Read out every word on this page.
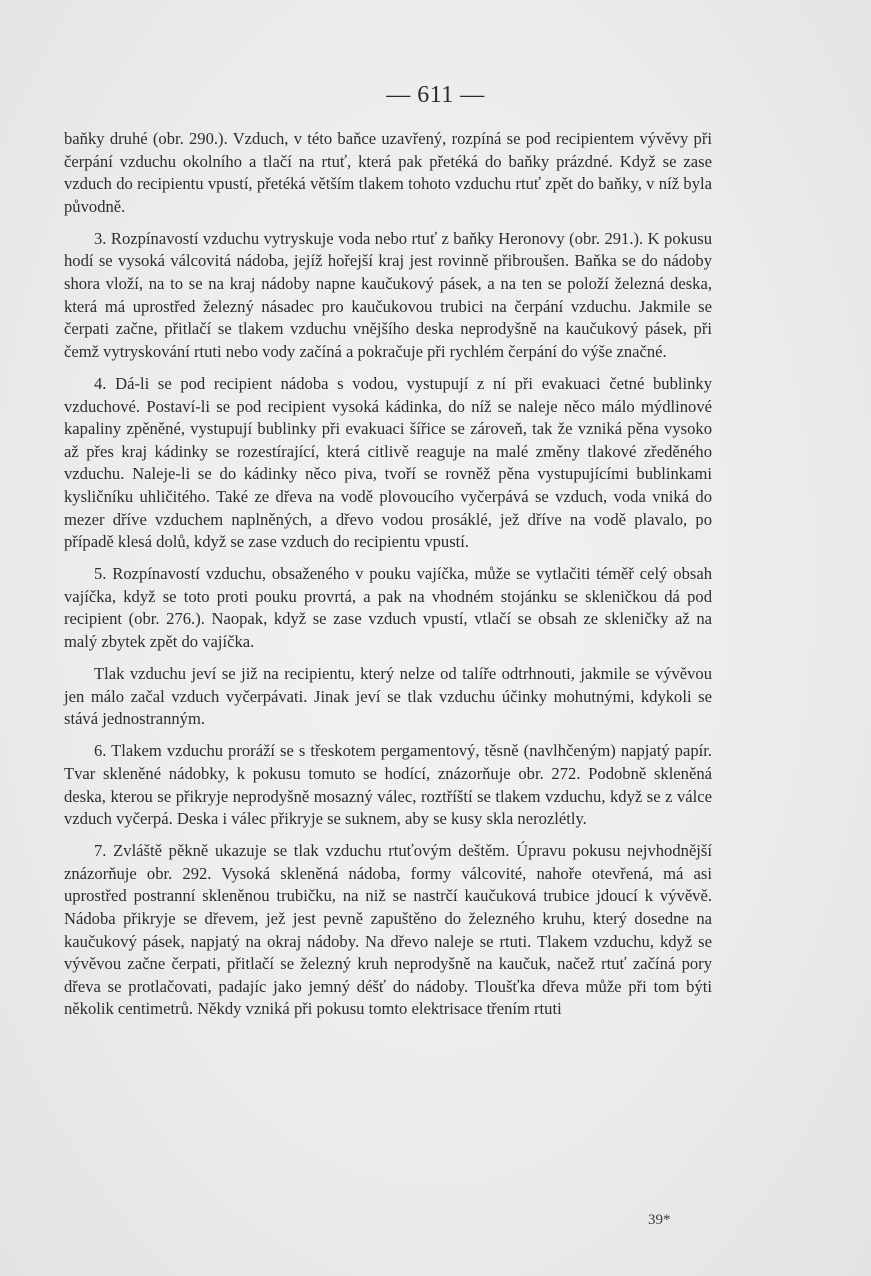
— 611 —

baňky druhé (obr. 290.). Vzduch, v této baňce uzavřený, rozpíná se pod recipientem vývěvy při čerpání vzduchu okolního a tlačí na rtuť, která pak přetéká do baňky prázdné. Když se zase vzduch do recipientu vpustí, přetéká větším tlakem tohoto vzduchu rtuť zpět do baňky, v níž byla původně.

3. Rozpínavostí vzduchu vytryskuje voda nebo rtuť z baňky Heronovy (obr. 291.). K pokusu hodí se vysoká válcovitá nádoba, jejíž hořejší kraj jest rovinně přibroušen. Baňka se do nádoby shora vloží, na to se na kraj nádoby napne kaučukový pásek, a na ten se položí železná deska, která má uprostřed železný násadec pro kaučukovou trubici na čerpání vzduchu. Jakmile se čerpati začne, přitlačí se tlakem vzduchu vnějšího deska neprodyšně na kaučukový pásek, při čemž vytryskování rtuti nebo vody začíná a pokračuje při rychlém čerpání do výše značné.

4. Dá-li se pod recipient nádoba s vodou, vystupují z ní při evakuaci četné bublinky vzduchové. Postaví-li se pod recipient vysoká kádinka, do níž se naleje něco málo mýdlinové kapaliny zpěněné, vystupují bublinky při evakuaci šířice se zároveň, tak že vzniká pěna vysoko až přes kraj kádinky se rozestírající, která citlivě reaguje na malé změny tlakové zředěného vzduchu. Naleje-li se do kádinky něco piva, tvoří se rovněž pěna vystupujícími bublinkami kysličníku uhličitého. Také ze dřeva na vodě plovoucího vyčerpává se vzduch, voda vniká do mezer dříve vzduchem naplněných, a dřevo vodou prosáklé, jež dříve na vodě plavalo, po případě klesá dolů, když se zase vzduch do recipientu vpustí.

5. Rozpínavostí vzduchu, obsaženého v pouku vajíčka, může se vytlačiti téměř celý obsah vajíčka, když se toto proti pouku provrtá, a pak na vhodném stojánku se skleničkou dá pod recipient (obr. 276.). Naopak, když se zase vzduch vpustí, vtlačí se obsah ze skleničky až na malý zbytek zpět do vajíčka.

Tlak vzduchu jeví se již na recipientu, který nelze od talíře odtrhnouti, jakmile se vývěvou jen málo začal vzduch vyčerpávati. Jinak jeví se tlak vzduchu účinky mohutnými, kdykoli se stává jednostranným.

6. Tlakem vzduchu proráží se s třeskotem pergamentový, těsně (navlhčeným) napjatý papír. Tvar skleněné nádobky, k pokusu tomuto se hodící, znázorňuje obr. 272. Podobně skleněná deska, kterou se přikryje neprodyšně mosazný válec, roztříští se tlakem vzduchu, když se z válce vzduch vyčerpá. Deska i válec přikryje se suknem, aby se kusy skla nerozlétly.

7. Zvláště pěkně ukazuje se tlak vzduchu rtuťovým deštěm. Úpravu pokusu nejvhodnější znázorňuje obr. 292. Vysoká skleněná nádoba, formy válcovité, nahoře otevřená, má asi uprostřed postranní skleněnou trubičku, na niž se nastrčí kaučuková trubice jdoucí k vývěvě. Nádoba přikryje se dřevem, jež jest pevně zapuštěno do železného kruhu, který dosedne na kaučukový pásek, napjatý na okraj nádoby. Na dřevo naleje se rtuti. Tlakem vzduchu, když se vývěvou začne čerpati, přitlačí se železný kruh neprodyšně na kaučuk, načež rtuť začíná pory dřeva se protlačovati, padajíc jako jemný déšť do nádoby. Tloušťka dřeva může při tom býti několik centimetrů. Někdy vzniká při pokusu tomto elektrisace třením rtuti

39*
